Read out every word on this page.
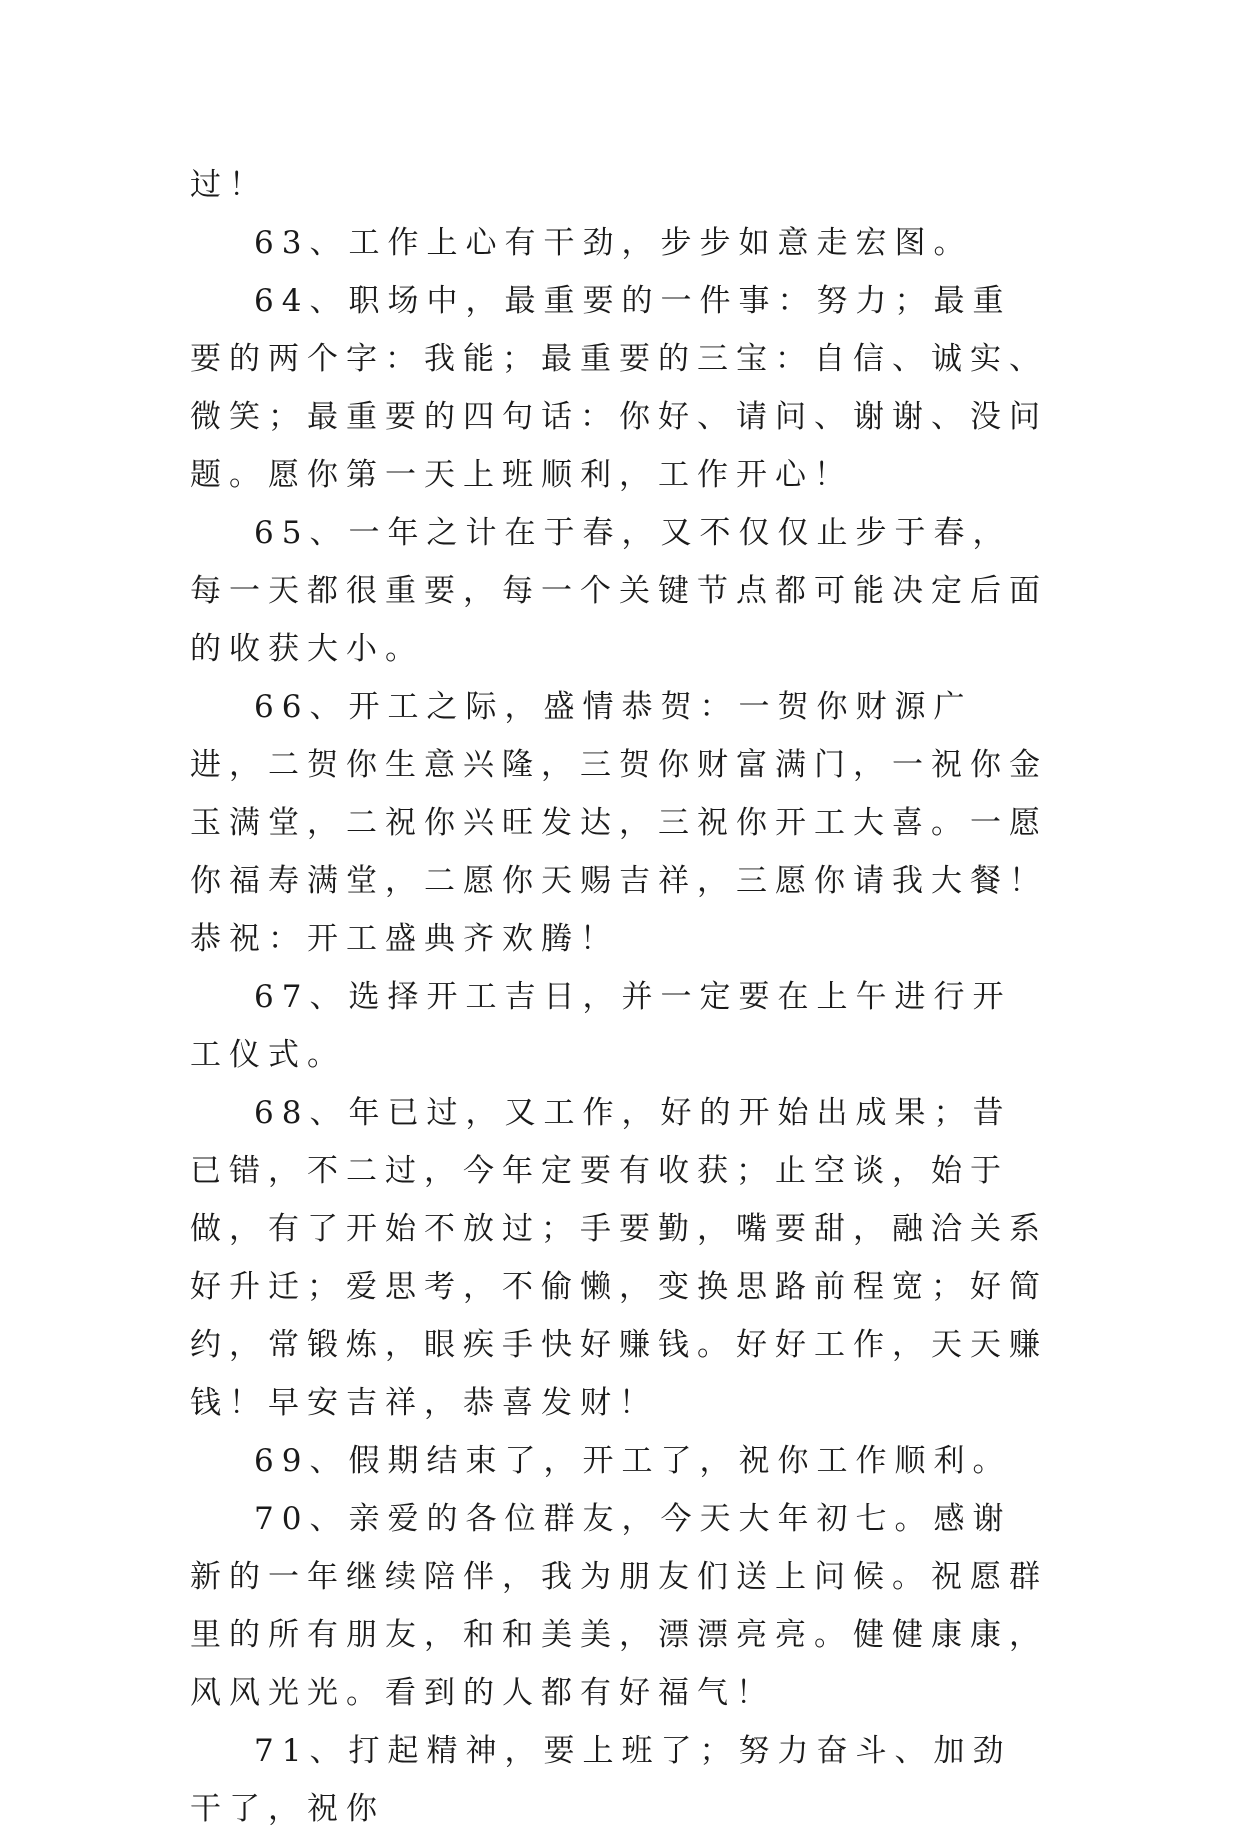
过！

63、工作上心有干劲，步步如意走宏图。

64、职场中，最重要的一件事：努力；最重要的两个字：我能；最重要的三宝：自信、诚实、微笑；最重要的四句话：你好、请问、谢谢、没问题。愿你第一天上班顺利，工作开心！

65、一年之计在于春，又不仅仅止步于春，每一天都很重要，每一个关键节点都可能决定后面的收获大小。

66、开工之际，盛情恭贺：一贺你财源广进，二贺你生意兴隆，三贺你财富满门，一祝你金玉满堂，二祝你兴旺发达，三祝你开工大喜。一愿你福寿满堂，二愿你天赐吉祥，三愿你请我大餐！恭祝：开工盛典齐欢腾！

67、选择开工吉日，并一定要在上午进行开工仪式。

68、年已过，又工作，好的开始出成果；昔已错，不二过，今年定要有收获；止空谈，始于做，有了开始不放过；手要勤，嘴要甜，融洽关系好升迁；爱思考，不偷懒，变换思路前程宽；好简约，常锻炼，眼疾手快好赚钱。好好工作，天天赚钱！早安吉祥，恭喜发财！

69、假期结束了，开工了，祝你工作顺利。

70、亲爱的各位群友，今天大年初七。感谢新的一年继续陪伴，我为朋友们送上问候。祝愿群里的所有朋友，和和美美，漂漂亮亮。健健康康，风风光光。看到的人都有好福气！

71、打起精神，要上班了；努力奋斗、加劲干了，祝你
